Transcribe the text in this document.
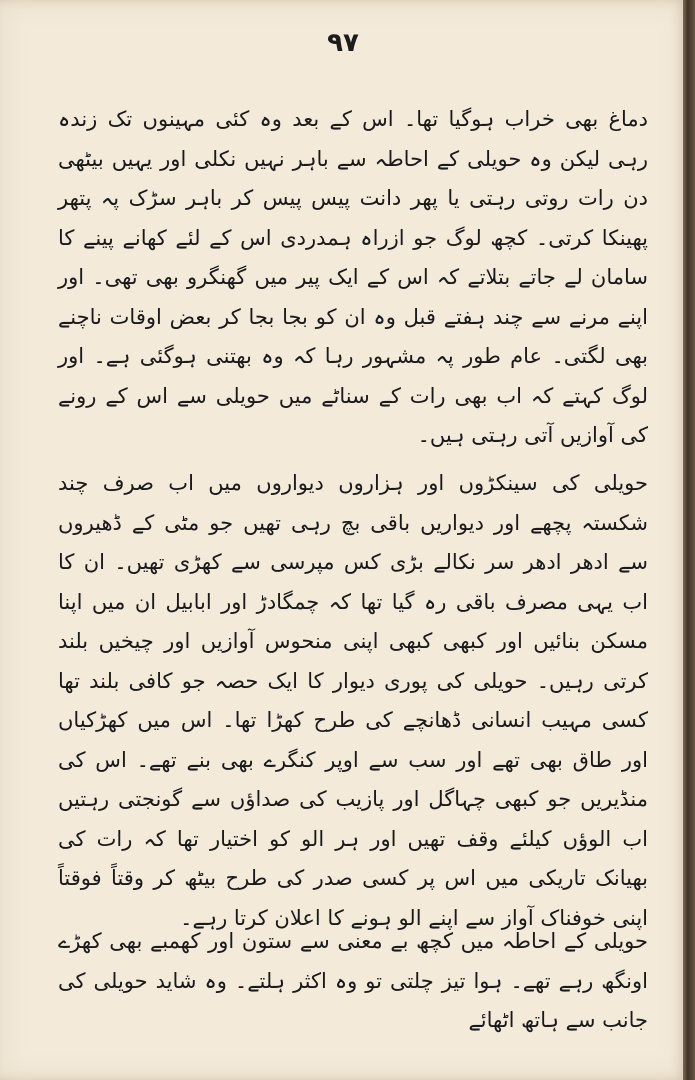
۹۷
دماغ بھی خراب ہوگیا تھا۔ اس کے بعد وہ کئی مہینوں تک زندہ رہی لیکن وہ حویلی کے احاطہ سے باہر نہیں نکلی اور یہیں بیٹھی دن رات روتی رہتی یا پھر دانت پیس پیس کر باہر سڑک پہ پتھر پھینکا کرتی۔ کچھ لوگ جو ازراہ ہمدردی اس کے لئے کھانے پینے کا سامان لے جاتے بتلاتے کہ اس کے ایک پیر میں گھنگرو بھی تھی۔ اور اپنے مرنے سے چند ہفتے قبل وہ ان کو بجا بجا کر بعض اوقات ناچنے بھی لگتی۔ عام طور پہ مشہور رہا کہ وہ بھتنی ہوگئی ہے۔ اور لوگ کہتے کہ اب بھی رات کے سناٹے میں حویلی سے اس کے رونے کی آوازیں آتی رہتی ہیں۔
حویلی کی سینکڑوں اور ہزاروں دیواروں میں اب صرف چند شکستہ پچھے اور دیواریں باقی بچ رہی تھیں جو مٹی کے ڈھیروں سے ادھر ادھر سر نکالے بڑی کس مپرسی سے کھڑی تھیں۔ ان کا اب یہی مصرف باقی رہ گیا تھا کہ چمگادڑ اور ابابیل ان میں اپنا مسکن بنائیں اور کبھی کبھی اپنی منحوس آوازیں اور چیخیں بلند کرتی رہیں۔ حویلی کی پوری دیوار کا ایک حصہ جو کافی بلند تھا کسی مہیب انسانی ڈھانچے کی طرح کھڑا تھا۔ اس میں کھڑکیاں اور طاق بھی تھے اور سب سے اوپر کنگرے بھی بنے تھے۔ اس کی منڈیریں جو کبھی چہاگل اور پازیب کی صداؤں سے گونجتی رہتیں اب الوؤں کیلئے وقف تھیں اور ہر الو کو اختیار تھا کہ رات کی بھیانک تاریکی میں اس پر کسی صدر کی طرح بیٹھ کر وقتاً فوقتاً اپنی خوفناک آواز سے اپنے الو ہونے کا اعلان کرتا رہے۔
حویلی کے احاطہ میں کچھ بے معنی سے ستون اور کھمبے بھی کھڑے اونگھ رہے تھے۔ ہوا تیز چلتی تو وہ اکثر ہلتے۔ وہ شاید حویلی کی جانب سے ہاتھ اٹھائے
